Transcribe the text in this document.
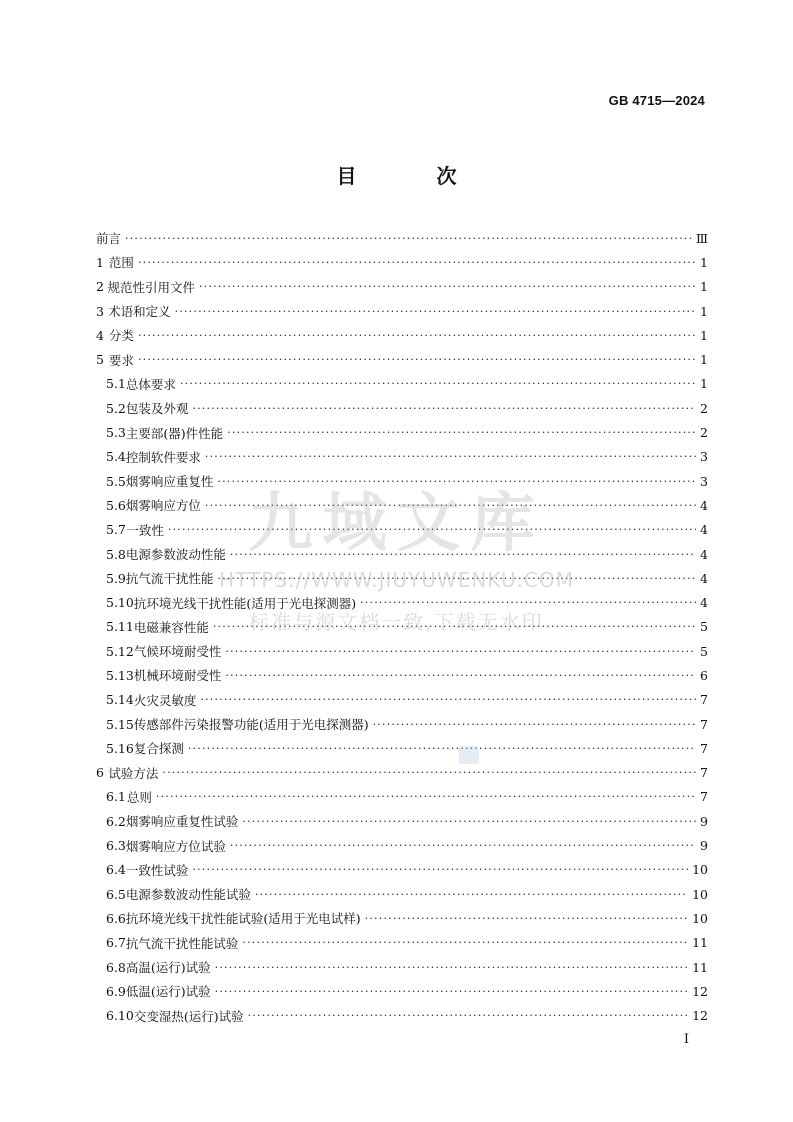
GB 4715—2024
目　次
前言 ·····	Ⅲ
1 范围 ·····	1
2 规范性引用文件 ·····	1
3 术语和定义 ·····	1
4 分类 ·····	1
5 要求 ·····	1
5.1 总体要求 ·····	1
5.2 包装及外观 ·····	2
5.3 主要部(器)件性能 ·····	2
5.4 控制软件要求 ·····	3
5.5 烟雾响应重复性 ·····	3
5.6 烟雾响应方位 ·····	4
5.7 一致性 ·····	4
5.8 电源参数波动性能 ·····	4
5.9 抗气流干扰性能 ·····	4
5.10 抗环境光线干扰性能(适用于光电探测器) ·····	4
5.11 电磁兼容性能 ·····	5
5.12 气候环境耐受性 ·····	5
5.13 机械环境耐受性 ·····	6
5.14 火灾灵敏度 ·····	7
5.15 传感部件污染报警功能(适用于光电探测器) ·····	7
5.16 复合探测 ·····	7
6 试验方法 ·····	7
6.1 总则 ·····	7
6.2 烟雾响应重复性试验 ·····	9
6.3 烟雾响应方位试验 ·····	9
6.4 一致性试验 ·····	10
6.5 电源参数波动性能试验 ·····	10
6.6 抗环境光线干扰性能试验(适用于光电试样) ·····	10
6.7 抗气流干扰性能试验 ·····	11
6.8 高温(运行)试验 ·····	11
6.9 低温(运行)试验 ·····	12
6.10 交变湿热(运行)试验 ·····	12
I
九域文库
HTTPS://WWW.JIUYUWENKU.COM
标准与源文档一致,下载无水印
